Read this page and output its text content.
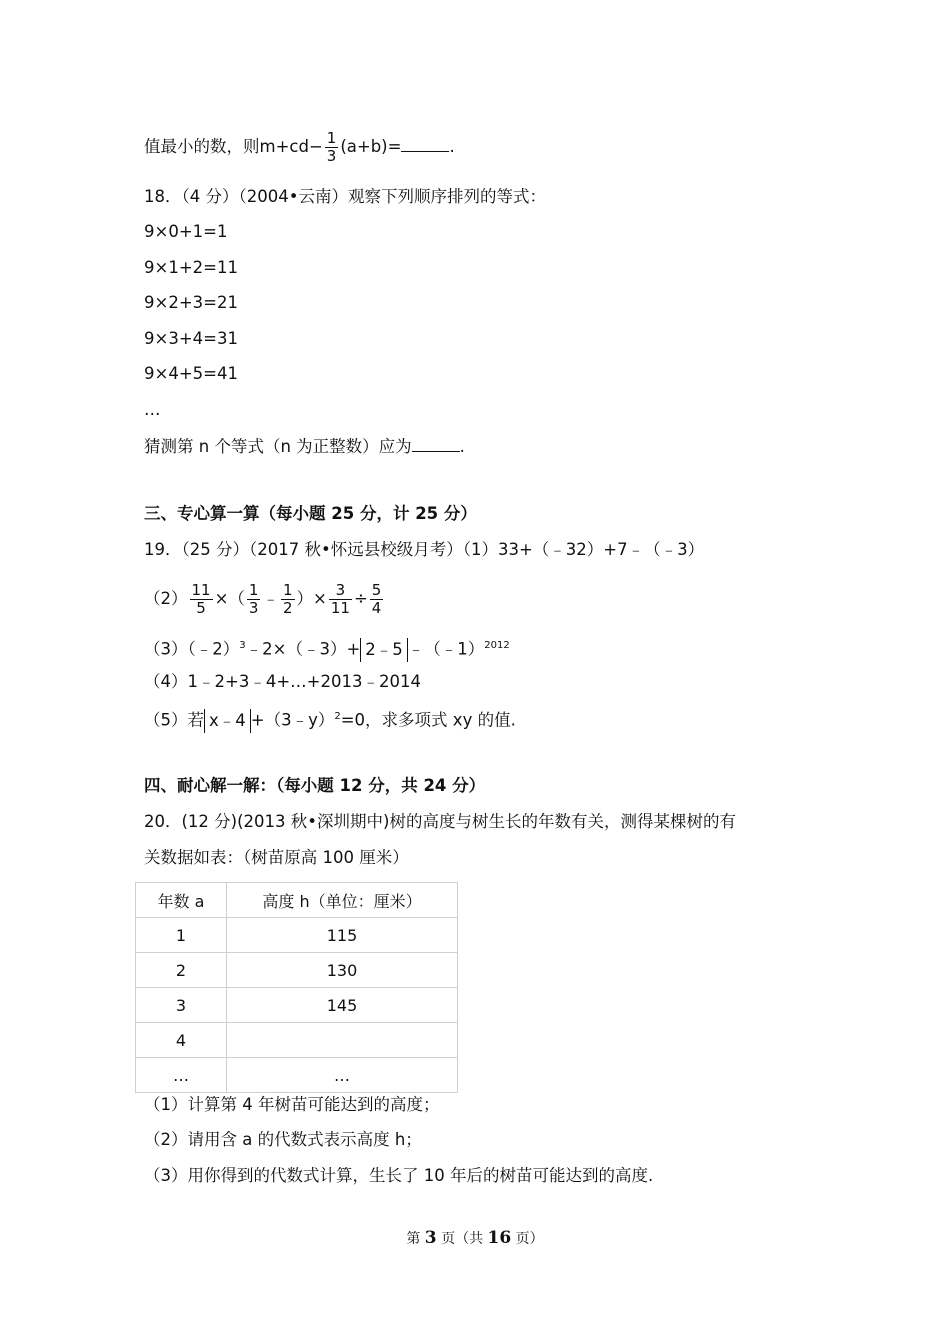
值最小的数，则$m+cd- \frac{1}{3} (a+b)=$	.
18．（4 分）（2004•云南）观察下列顺序排列的等式：
9×0+1=1
9×1+2=11
9×2+3=21
9×3+4=31
9×4+5=41
…
猜测第 n 个等式（n 为正整数）应为	.
三、专心算一算（每小题 25 分，计 25 分）
19．（25 分）（2017 秋•怀远县校级月考）（1）33+（﹣32）+7﹣（﹣3）
$(2) \frac{11}{5}$ ×（ $\frac{1}{3}$ ﹣ $\frac{1}{2}$ ）× $\frac{3}{11} \div \frac{5}{4}$
（3）（﹣2）$^3$﹣2×（﹣3）+ 2﹣5 ﹣（﹣1）$^{2012}$
（4）1﹣2+3﹣4+…+2013﹣2014
（5）若 x﹣4 +（3﹣y）$^2$=0，求多项式 xy 的值.
四、耐心解一解：（每小题 12 分，共 24 分）
20．(12 分)(2013 秋•深圳期中)树的高度与树生长的年数有关，测得某棵树的有
关数据如表：（树苗原高 100 厘米）
年数 a	高度 h（单位：厘米）
1	115
2	130
3	145
4	
…	…
（1）计算第 4 年树苗可能达到的高度；
（2）请用含 a 的代数式表示高度 h；
（3）用你得到的代数式计算，生长了 10 年后的树苗可能达到的高度.
第 3 页（共 16 页）
